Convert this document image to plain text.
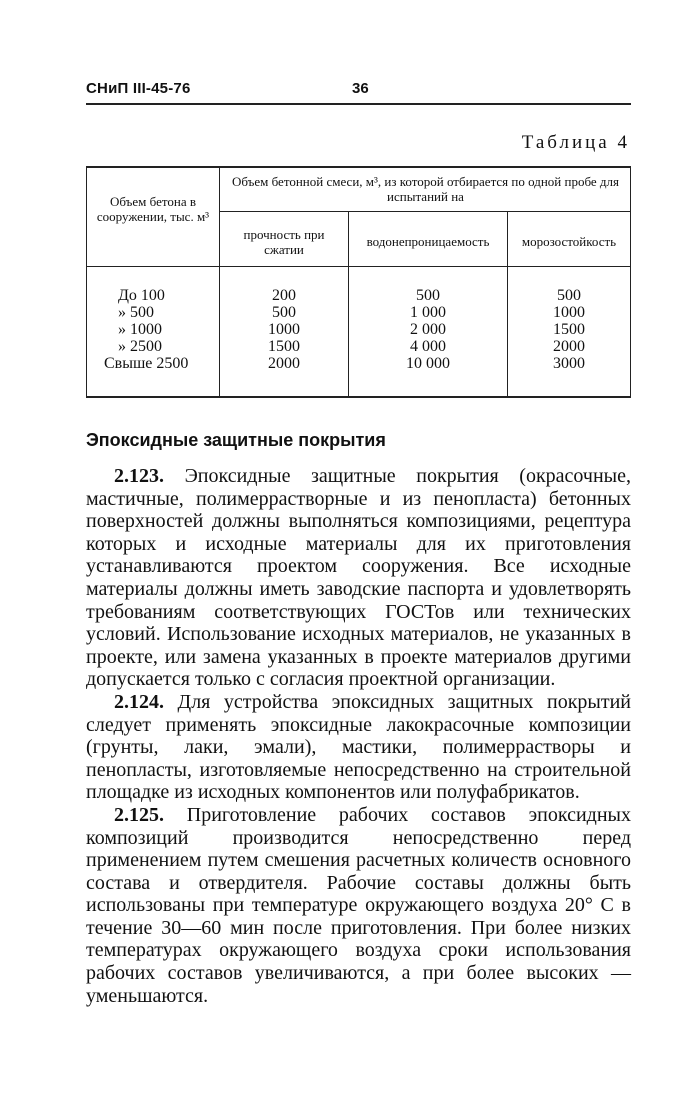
СНиП III-45-76	36
Таблица 4
Объем бетона в сооружении, тыс. м³
Объем бетонной смеси, м³, из которой отбирается по одной пробе для испытаний на
прочность при сжатии
водонепроницаемость	морозостойкость
До 100
» 500
» 1000
» 2500
Свыше 2500
200
500
1000
1500
2000
500
1 000
2 000
4 000
10 000
500
1000
1500
2000
3000
Эпоксидные защитные покрытия

2.123. Эпоксидные защитные покрытия (окрасочные, мастичные, полимеррастворные и из пенопласта) бетонных поверхностей должны выполняться композициями, рецептура которых и исходные материалы для их приготовления устанавливаются проектом сооружения. Все исходные материалы должны иметь заводские паспорта и удовлетворять требованиям соответствующих ГОСТов или технических условий. Использование исходных материалов, не указанных в проекте, или замена указанных в проекте материалов другими допускается только с согласия проектной организации.

2.124. Для устройства эпоксидных защитных покрытий следует применять эпоксидные лакокрасочные композиции (грунты, лаки, эмали), мастики, полимеррастворы и пенопласты, изготовляемые непосредственно на строительной площадке из исходных компонентов или полуфабрикатов.

2.125. Приготовление рабочих составов эпоксидных композиций производится непосредственно перед применением путем смешения расчетных количеств основного состава и отвердителя. Рабочие составы должны быть использованы при температуре окружающего воздуха 20° С в течение 30—60 мин после приготовления. При более низких температурах окружающего воздуха сроки использования рабочих составов увеличиваются, а при более высоких — уменьшаются.
